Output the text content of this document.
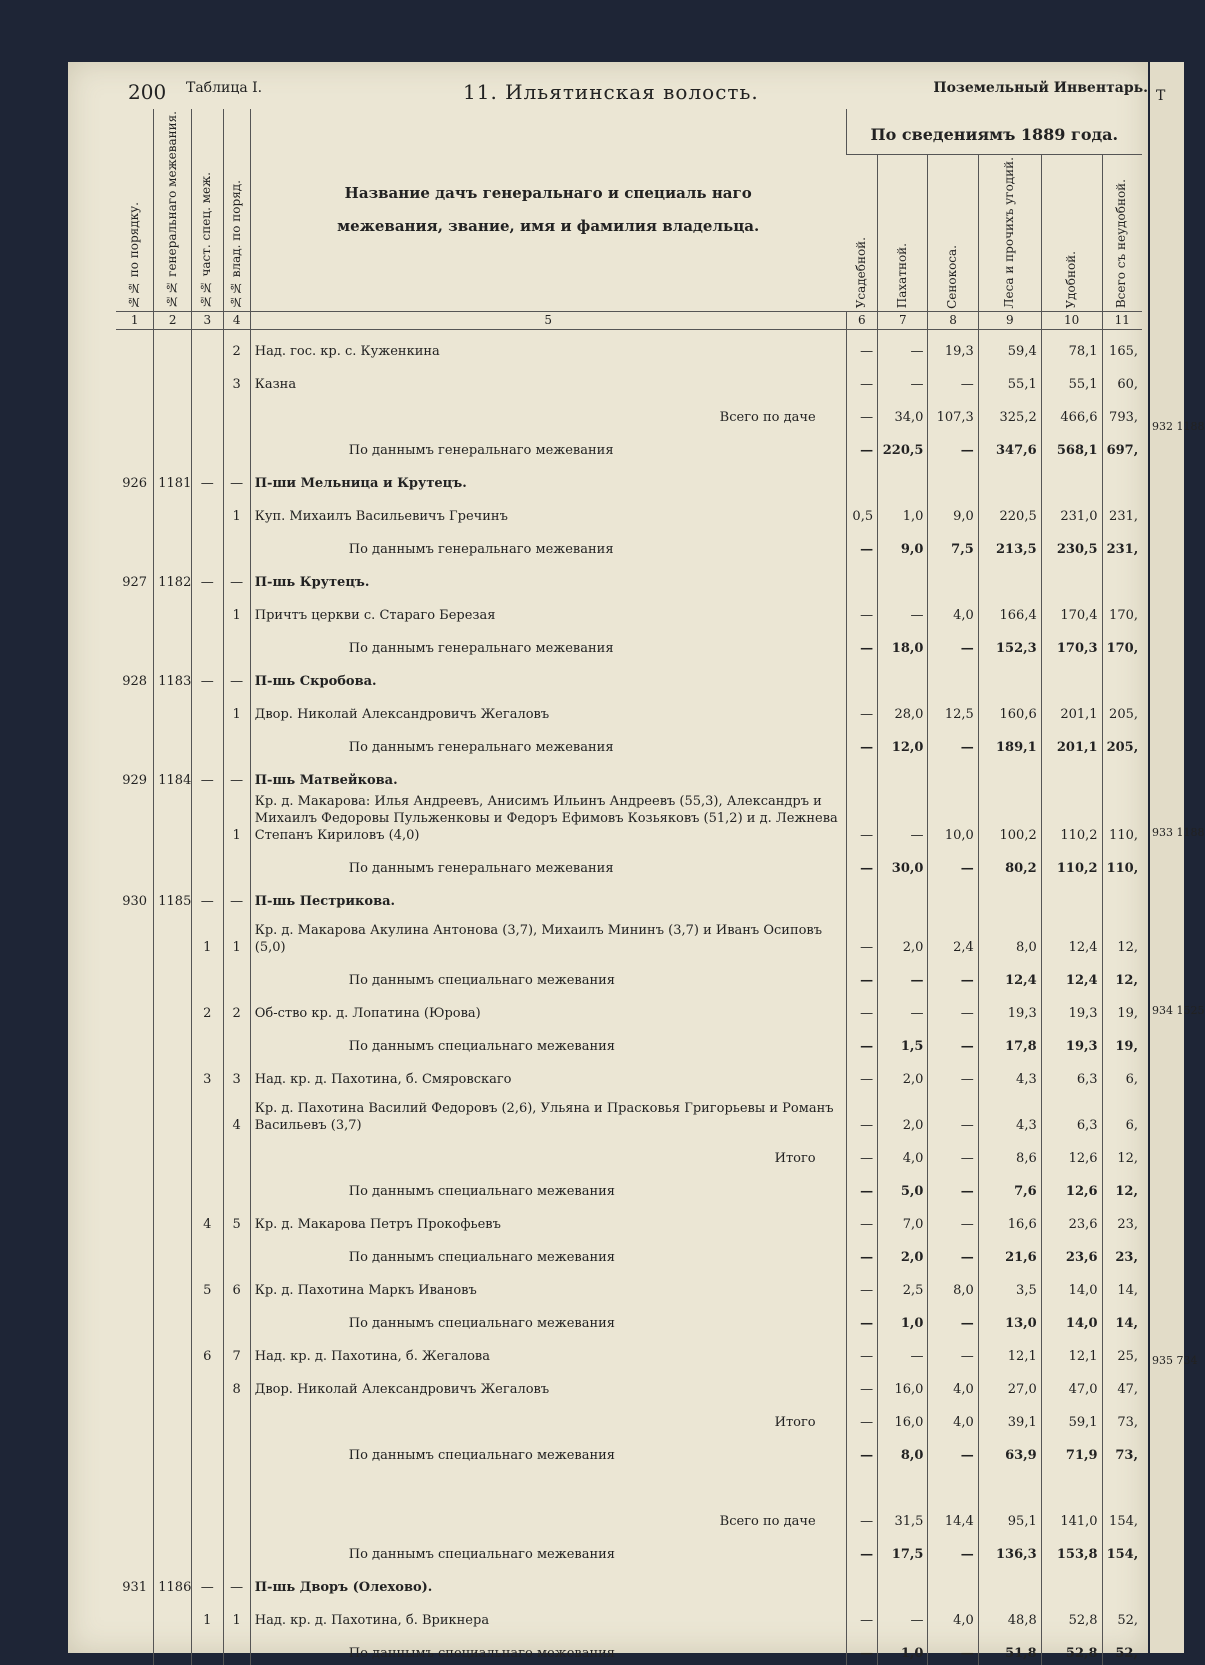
200 Таблица I.	11. Ильятинская волость.	Поземельный Инвентарь.
№№ по порядку.	№№ генеральнаго межевания.	№№ част. спец. меж.	№№ влад. по поряд.	Название дачъ генеральнаго и специаль наго межевания, звание, имя и фамилия владельца.	По сведениямъ 1889 года.					

					Усадебной.	Пахатной.	Сенокоса.	Леса и прочихъ угодий.	Удобной.	Всего съ неудобной.

1	2	3	4	5	6	7	8	9	10	11
			2	Над. гос. кр. с. Куженкина	—	—	19,3	59,4	78,1	165,
			3	Казна	—	—	—	55,1	55,1	60,
				Всего по даче	—	34,0	107,3	325,2	466,6	793,
				По даннымъ генеральнаго межевания	—	220,5	—	347,6	568,1	697,
926	1181	—	—	П-ши Мельница и Крутецъ.						
			1	Куп. Михаилъ Васильевичъ Гречинъ	0,5	1,0	9,0	220,5	231,0	231,
				По даннымъ генеральнаго межевания	—	9,0	7,5	213,5	230,5	231,
927	1182	—	—	П-шь Крутецъ.						
			1	Причтъ церкви с. Стараго Березая	—	—	4,0	166,4	170,4	170,
				По даннымъ генеральнаго межевания	—	18,0	—	152,3	170,3	170,
928	1183	—	—	П-шь Скробова.						
			1	Двор. Николай Александровичъ Жегаловъ	—	28,0	12,5	160,6	201,1	205,
				По даннымъ генеральнаго межевания	—	12,0	—	189,1	201,1	205,
929	1184	—	—	П-шь Матвейкова.						
			1	Кр. д. Макарова: Илья Андреевъ, Анисимъ Ильинъ Андреевъ (55,3), Александръ и Михаилъ Федоровы Пульженковы и Федоръ Ефимовъ Козьяковъ (51,2) и д. Лежнева Степанъ Кириловъ (4,0)	—	—	10,0	100,2	110,2	110,
				По даннымъ генеральнаго межевания	—	30,0	—	80,2	110,2	110,
930	1185	—	—	П-шь Пестрикова.						
		1	1	Кр. д. Макарова Акулина Антонова (3,7), Михаилъ Мининъ (3,7) и Иванъ Осиповъ (5,0)	—	2,0	2,4	8,0	12,4	12,
				По даннымъ специальнаго межевания	—	—	—	12,4	12,4	12,
		2	2	Об-ство кр. д. Лопатина (Юрова)	—	—	—	19,3	19,3	19,
				По даннымъ специальнаго межевания	—	1,5	—	17,8	19,3	19,
		3	3	Над. кр. д. Пахотина, б. Смяровскаго	—	2,0	—	4,3	6,3	6,
			4	Кр. д. Пахотина Василий Федоровъ (2,6), Ульяна и Прасковья Григорьевы и Романъ Васильевъ (3,7)	—	2,0	—	4,3	6,3	6,
				Итого	—	4,0	—	8,6	12,6	12,
				По даннымъ специальнаго межевания	—	5,0	—	7,6	12,6	12,
		4	5	Кр. д. Макарова Петръ Прокофьевъ	—	7,0	—	16,6	23,6	23,
				По даннымъ специальнаго межевания	—	2,0	—	21,6	23,6	23,
		5	6	Кр. д. Пахотина Маркъ Ивановъ	—	2,5	8,0	3,5	14,0	14,
				По даннымъ специальнаго межевания	—	1,0	—	13,0	14,0	14,
		6	7	Над. кр. д. Пахотина, б. Жегалова	—	—	—	12,1	12,1	25,
			8	Двор. Николай Александровичъ Жегаловъ	—	16,0	4,0	27,0	47,0	47,
				Итого	—	16,0	4,0	39,1	59,1	73,
				По даннымъ специальнаго межевания	—	8,0	—	63,9	71,9	73,

				Всего по даче	—	31,5	14,4	95,1	141,0	154,
				По даннымъ специальнаго межевания	—	17,5	—	136,3	153,8	154,
931	1186	—	—	П-шь Дворъ (Олехово).						
		1	1	Над. кр. д. Пахотина, б. Врикнера	—	—	4,0	48,8	52,8	52,
				По даннымъ специальнаго межевания	—	1,0	—	51,8	52,8	52,
Т
932 1188
933 1188
934 1525
935 734
